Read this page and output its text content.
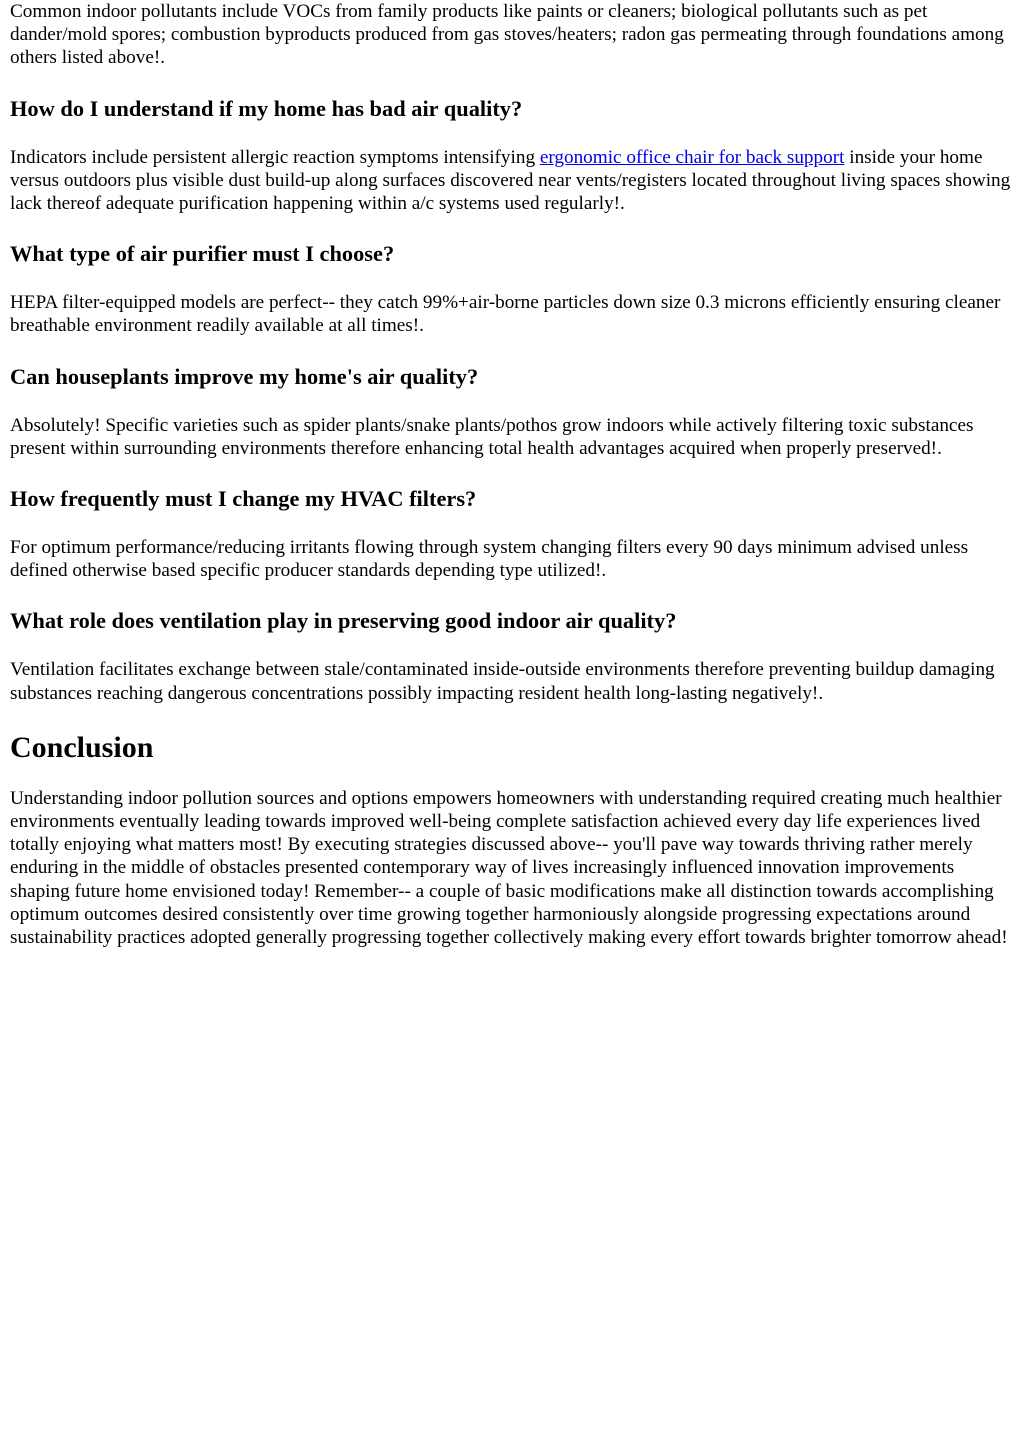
Common indoor pollutants include VOCs from family products like paints or cleaners; biological pollutants such as pet dander/mold spores; combustion byproducts produced from gas stoves/heaters; radon gas permeating through foundations among others listed above!.

How do I understand if my home has bad air quality?

Indicators include persistent allergic reaction symptoms intensifying ergonomic office chair for back support inside your home versus outdoors plus visible dust build-up along surfaces discovered near vents/registers located throughout living spaces showing lack thereof adequate purification happening within a/c systems used regularly!.

What type of air purifier must I choose?

HEPA filter-equipped models are perfect-- they catch 99%+air-borne particles down size 0.3 microns efficiently ensuring cleaner breathable environment readily available at all times!.

Can houseplants improve my home's air quality?

Absolutely! Specific varieties such as spider plants/snake plants/pothos grow indoors while actively filtering toxic substances present within surrounding environments therefore enhancing total health advantages acquired when properly preserved!.

How frequently must I change my HVAC filters?

For optimum performance/reducing irritants flowing through system changing filters every 90 days minimum advised unless defined otherwise based specific producer standards depending type utilized!.

What role does ventilation play in preserving good indoor air quality?

Ventilation facilitates exchange between stale/contaminated inside-outside environments therefore preventing buildup damaging substances reaching dangerous concentrations possibly impacting resident health long-lasting negatively!.

Conclusion

Understanding indoor pollution sources and options empowers homeowners with understanding required creating much healthier environments eventually leading towards improved well-being complete satisfaction achieved every day life experiences lived totally enjoying what matters most! By executing strategies discussed above-- you'll pave way towards thriving rather merely enduring in the middle of obstacles presented contemporary way of lives increasingly influenced innovation improvements shaping future home envisioned today! Remember-- a couple of basic modifications make all distinction towards accomplishing optimum outcomes desired consistently over time growing together harmoniously alongside progressing expectations around sustainability practices adopted generally progressing together collectively making every effort towards brighter tomorrow ahead!
